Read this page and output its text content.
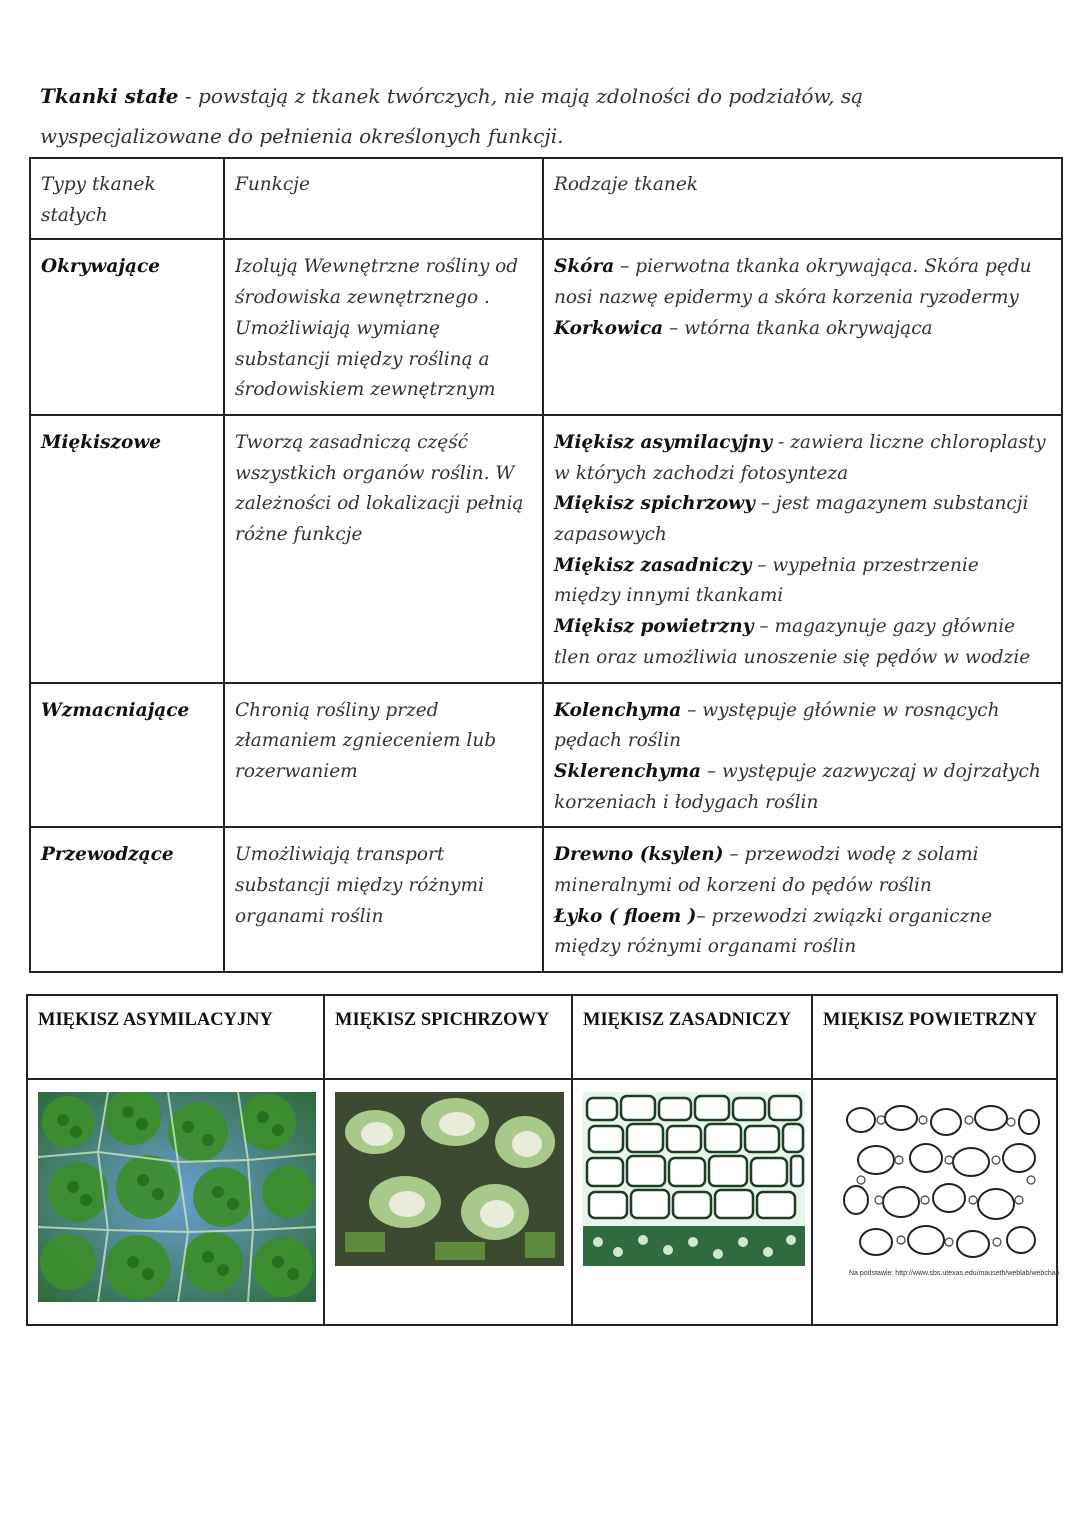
Tkanki stałe - powstają z tkanek twórczych, nie mają zdolności do podziałów, są wyspecjalizowane do pełnienia określonych funkcji.

Typy tkanek stałych	Funkcje	Rodzaje tkanek
Okrywające	Izolują Wewnętrzne rośliny od środowiska zewnętrznego . Umożliwiają wymianę substancji między rośliną a środowiskiem zewnętrznym	Skóra – pierwotna tkanka okrywająca. Skóra pędu nosi nazwę epidermy a skóra korzenia ryzodermy
Korkowica – wtórna tkanka okrywająca

Miękiszowe	Tworzą zasadniczą część wszystkich organów roślin. W zależności od lokalizacji pełnią różne funkcje	Miękisz asymilacyjny - zawiera liczne chloroplasty w których zachodzi fotosynteza
Miękisz spichrzowy – jest magazynem substancji zapasowych
Miękisz zasadniczy – wypełnia przestrzenie między innymi tkankami
Miękisz powietrzny – magazynuje gazy głównie tlen oraz umożliwia unoszenie się pędów w wodzie

Wzmacniające	Chronią rośliny przed złamaniem zgnieceniem lub rozerwaniem	Kolenchyma – występuje głównie w rosnących pędach roślin
Sklerenchyma – występuje zazwyczaj w dojrzałych korzeniach i łodygach roślin

Przewodzące	Umożliwiają transport substancji między różnymi organami roślin	Drewno (ksylen) – przewodzi wodę z solami mineralnymi od korzeni do pędów roślin
Łyko ( floem )– przewodzi związki organiczne między różnymi organami roślin
MIĘKISZ ASYMILACYJNY	MIĘKISZ SPICHRZOWY	MIĘKISZ ZASADNICZY	MIĘKISZ POWIETRZNY

Na podstawie: http://www.sbs.utexas.edu/mauseth/weblab/webchap
